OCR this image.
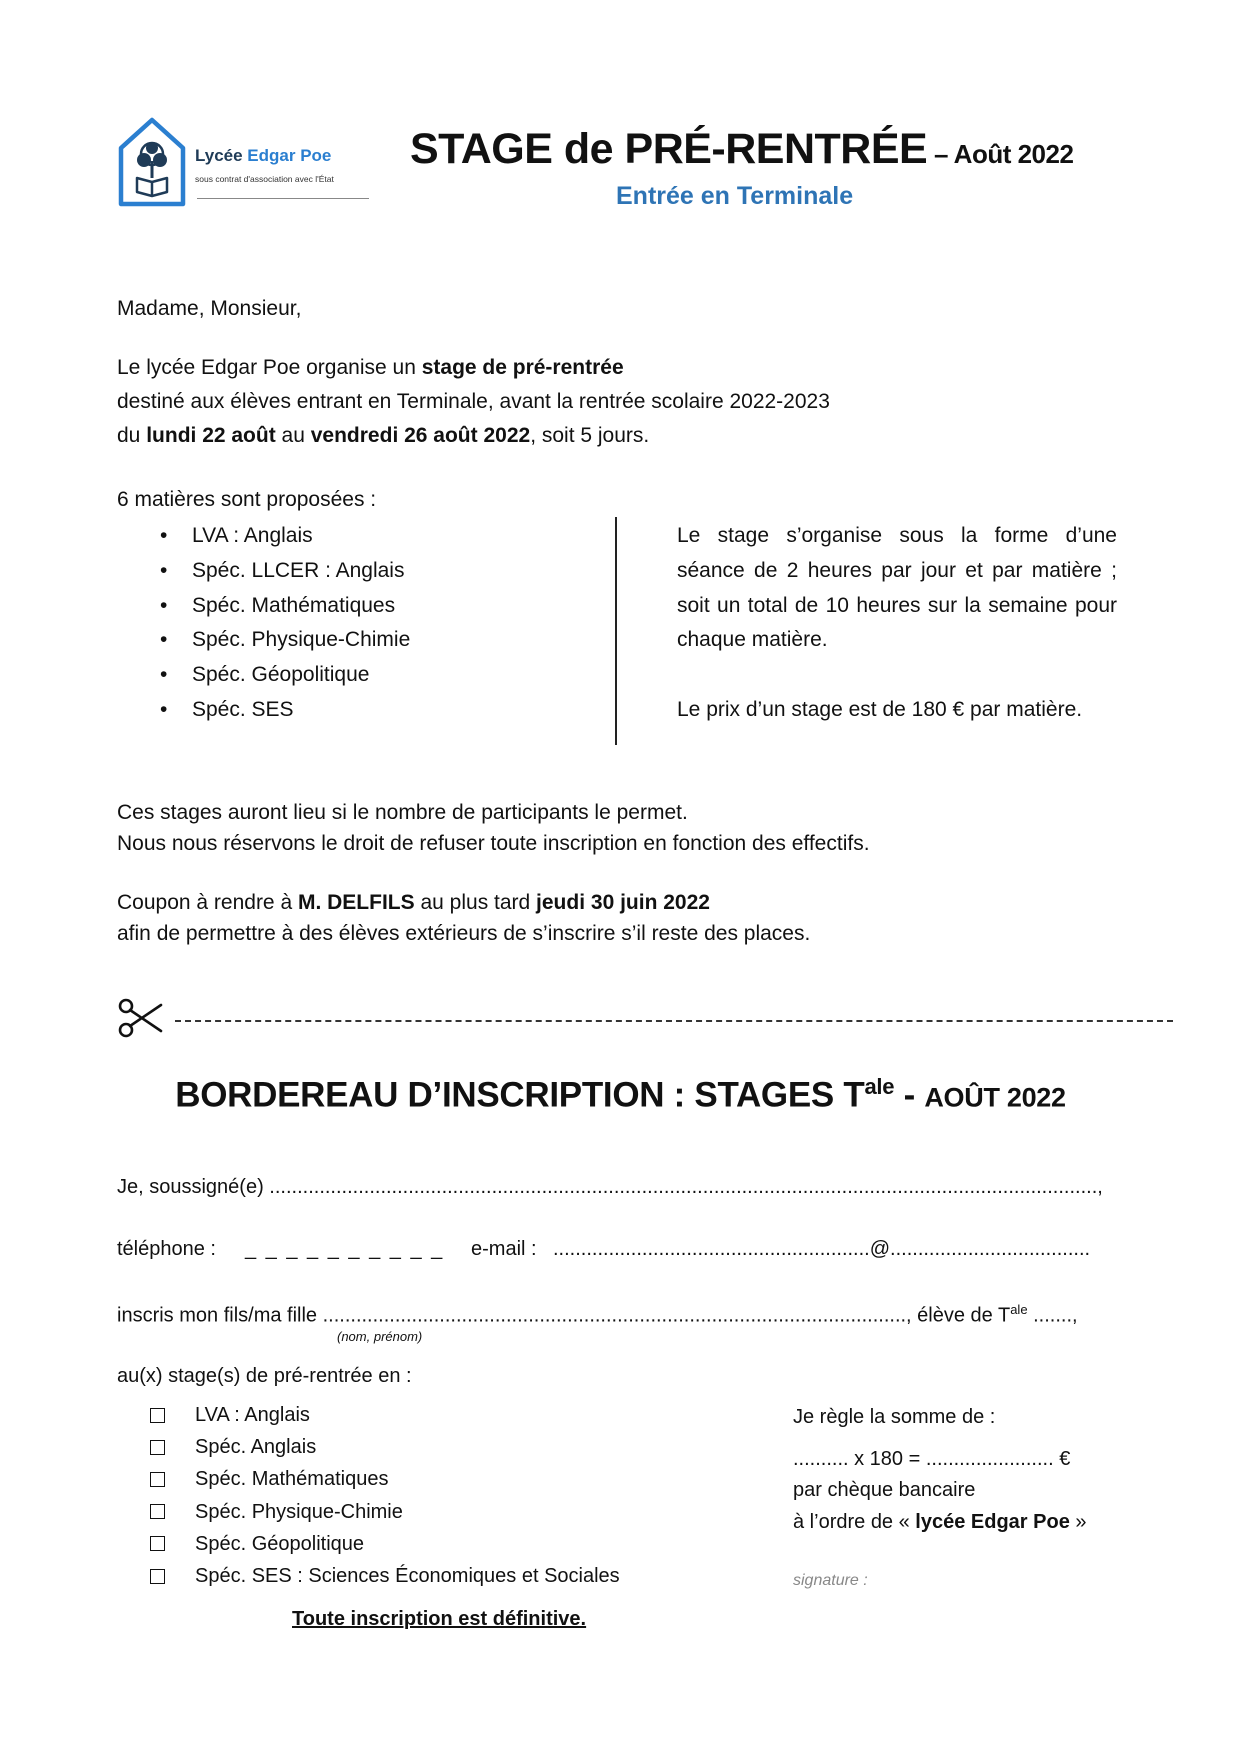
Lycée Edgar Poe
sous contrat d'association avec l'État
STAGE de PRÉ-RENTRÉE – Août 2022
Entrée en Terminale
Madame, Monsieur,
Le lycée Edgar Poe organise un stage de pré-rentrée
destiné aux élèves entrant en Terminale, avant la rentrée scolaire 2022-2023
du lundi 22 août au vendredi 26 août 2022, soit 5 jours.
6 matières sont proposées :
• LVA : Anglais
• Spéc. LLCER : Anglais
• Spéc. Mathématiques
• Spéc. Physique-Chimie
• Spéc. Géopolitique
• Spéc. SES
Le stage s’organise sous la forme d’une séance de 2 heures par jour et par matière ; soit un total de 10 heures sur la semaine pour chaque matière.
Le prix d’un stage est de 180 € par matière.
Ces stages auront lieu si le nombre de participants le permet.
Nous nous réservons le droit de refuser toute inscription en fonction des effectifs.
Coupon à rendre à M. DELFILS au plus tard jeudi 30 juin 2022
afin de permettre à des élèves extérieurs de s’inscrire s’il reste des places.
BORDEREAU D’INSCRIPTION : STAGES $T^{ale}$ - AOÛT 2022
Je, soussigné(e) .....................................................................................................................................................,
téléphone : _ _ _ _ _ _ _ _ _ _ e-mail : .........................................................@....................................
inscris mon fils/ma fille ........................................................................................................., élève de $T^{ale}$ .......,
(nom, prénom)
au(x) stage(s) de pré-rentrée en :
LVA : Anglais
Spéc. Anglais
Spéc. Mathématiques
Spéc. Physique-Chimie
Spéc. Géopolitique
Spéc. SES : Sciences Économiques et Sociales
Je règle la somme de :
.......... x 180 = ....................... €
par chèque bancaire
à l’ordre de « lycée Edgar Poe »
signature :
Toute inscription est définitive.
